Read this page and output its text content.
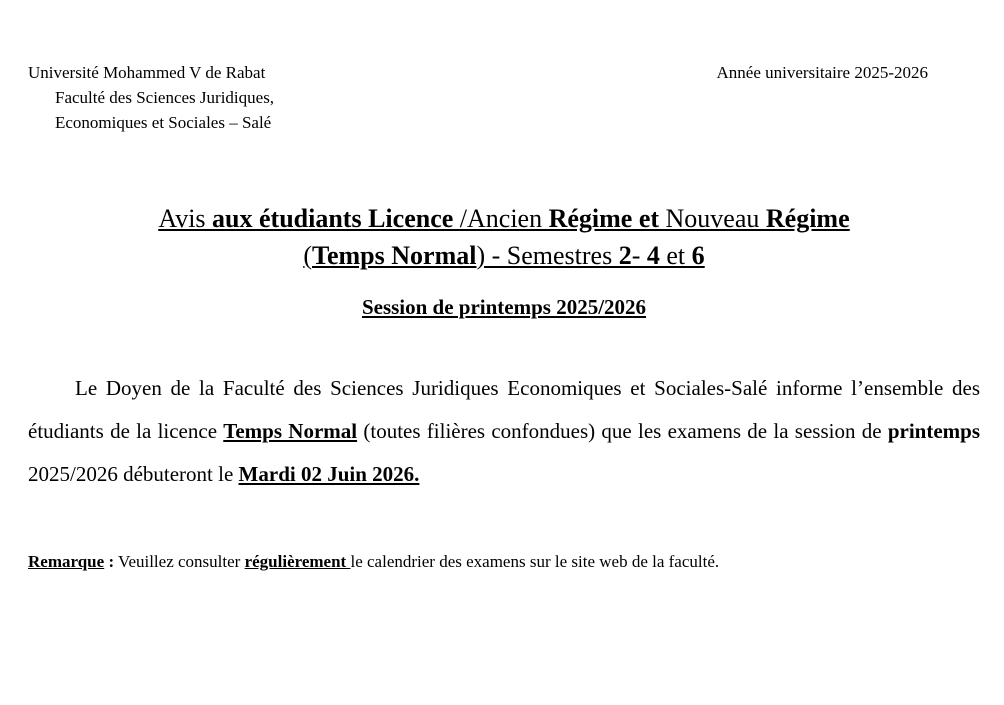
Université Mohammed V de Rabat
Faculté des Sciences Juridiques,
Economiques et Sociales – Salé
Année universitaire 2025-2026
Avis aux étudiants Licence /Ancien Régime et Nouveau Régime
(Temps Normal) - Semestres 2- 4 et 6
Session de printemps 2025/2026
Le Doyen de la Faculté des Sciences Juridiques Economiques et Sociales-Salé informe l’ensemble des étudiants de la licence Temps Normal (toutes filières confondues) que les examens de la session de printemps 2025/2026 débuteront le Mardi 02 Juin 2026.
Remarque : Veuillez consulter régulièrement le calendrier des examens sur le site web de la faculté.
